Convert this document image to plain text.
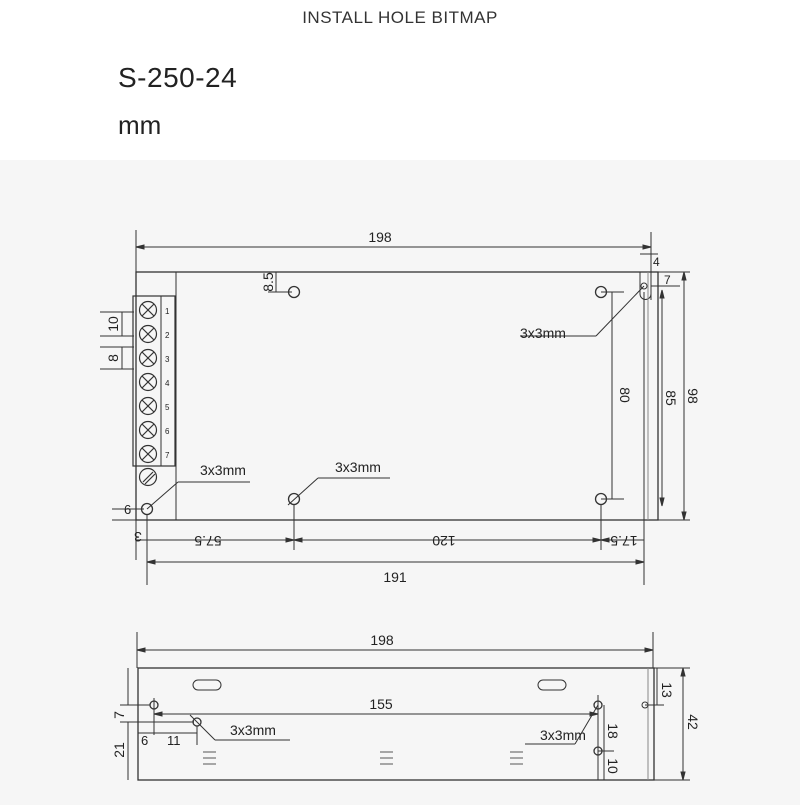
INSTALL HOLE BITMAP
S-250-24
mm
1
2
3
4
5
6
7
198
191
3x3mm
3x3mm	3x3mm
6
4
7
8.5
10
8
80 85 98
3	57.5	120	17.5
198
155
3x3mm	3x3mm
6 11
7
21
13
42
18
10
